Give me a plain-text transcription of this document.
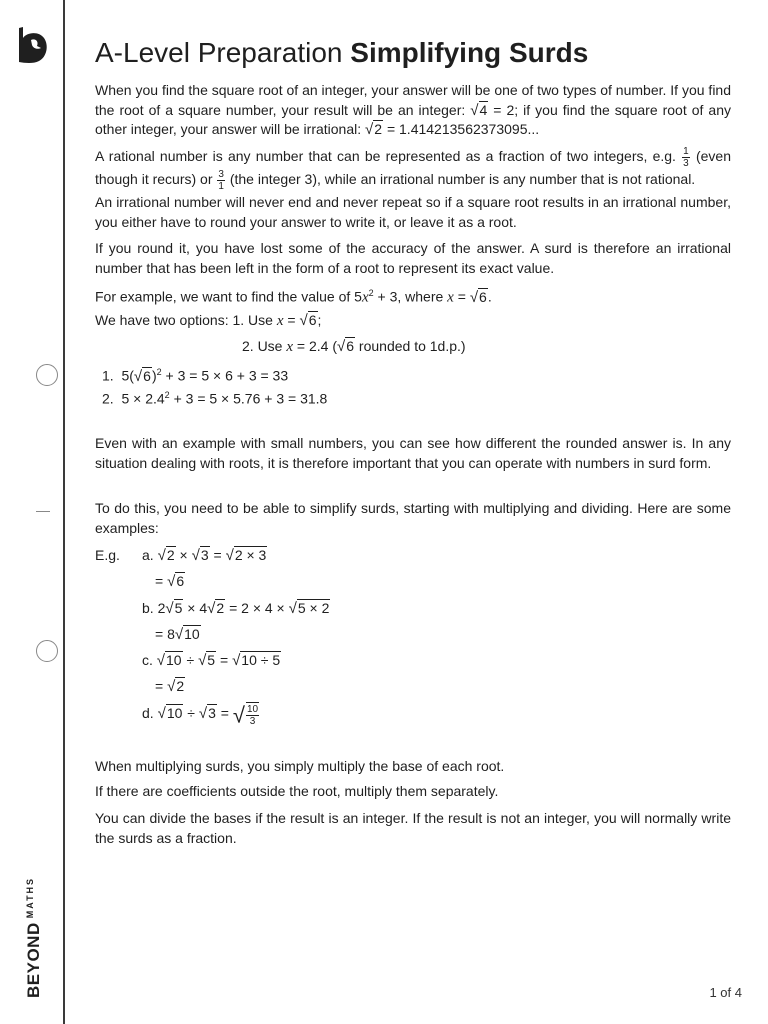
$BEYOND^{MATHS}$
A-Level Preparation Simplifying Surds
When you find the square root of an integer, your answer will be one of two types of number. If you find the root of a square number, your result will be an integer: √4 = 2; if you find the square root of any other integer, your answer will be irrational: √2 = 1.414213562373095...
A rational number is any number that can be represented as a fraction of two integers, e.g. $\frac{1}{3}$ (even though it recurs) or $\frac{3}{1} (the$ integer 3), while an irrational number is any number that is not rational.
An irrational number will never end and never repeat so if a square root results in an irrational number, you either have to round your answer to write it, or leave it as a root.
If you round it, you have lost some of the accuracy of the answer. A surd is therefore an irrational number that has been left in the form of a root to represent its exact value.
For example, we want to find the value of $5x^2 + 3$, where x = √6.
We have two options: 1. Use x = √6;
2. Use x = 2.4 (√6 rounded to 1d.p.)
1. $5(√6)^2 + 3 = 5 \times 6 + 3 = 33$
2. $5 \times 2.4^2 + 3 = 5 \times 5.76 + 3 = 31.8$
Even with an example with small numbers, you can see how different the rounded answer is. In any situation dealing with roots, it is therefore important that you can operate with numbers in surd form.
To do this, you need to be able to simplify surds, starting with multiplying and dividing. Here are some examples:
E.g. a. √2 × √3 = √2 × 3
= √6
b. 2√5 × 4√2 = 2 × 4 × √5 × 2
= 8√10
c. √10 ÷ √5 = √10 ÷ 5
= √2
d. √10 ÷ √3 = √ $\frac{10}{3}$
When multiplying surds, you simply multiply the base of each root.
If there are coefficients outside the root, multiply them separately.
You can divide the bases if the result is an integer. If the result is not an integer, you will normally write the surds as a fraction.
1 of 4
